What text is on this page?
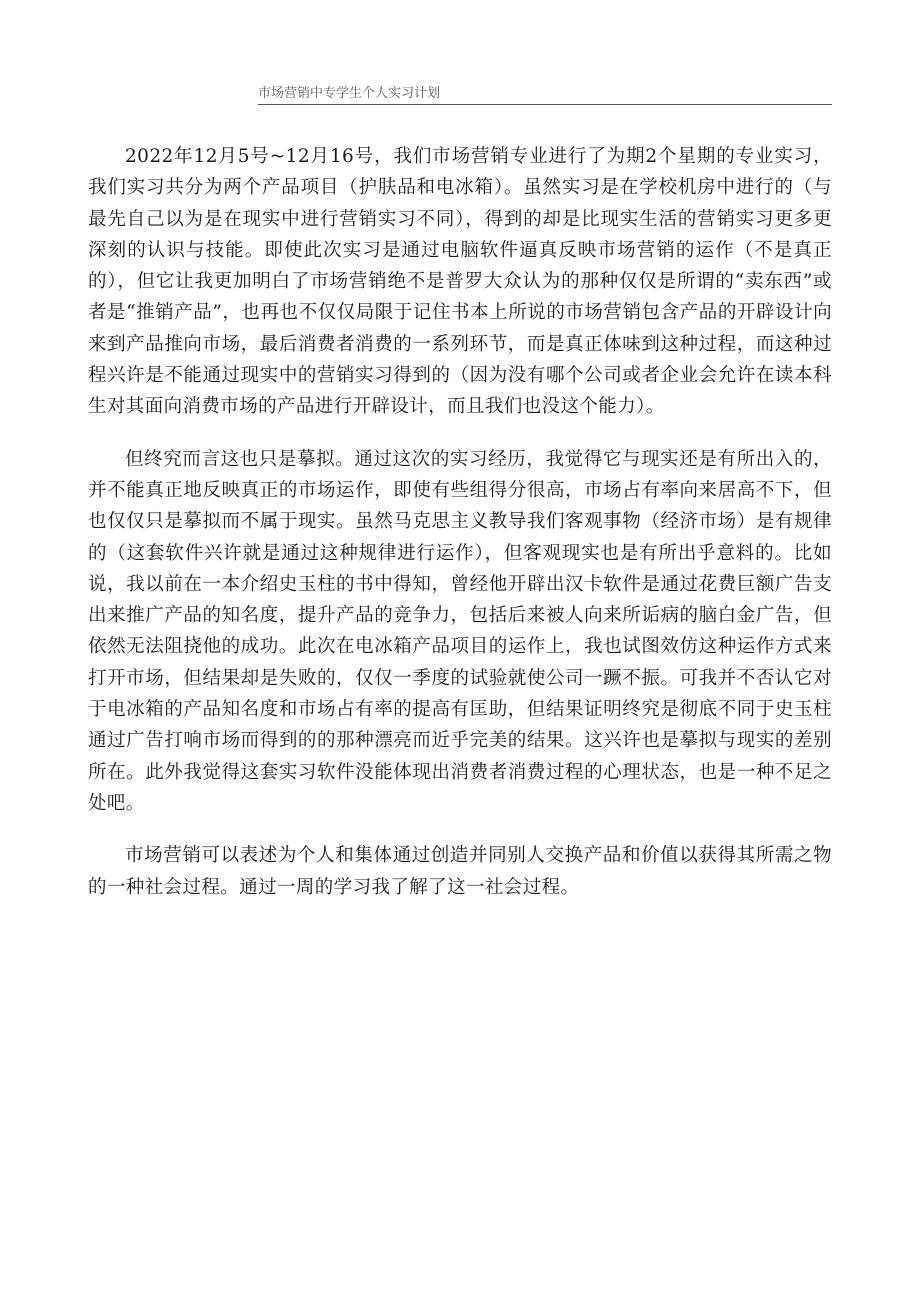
市场营销中专学生个人实习计划

2022年12月5号~12月16号，我们市场营销专业进行了为期2个星期的专业实习，我们实习共分为两个产品项目（护肤品和电冰箱）。虽然实习是在学校机房中进行的（与最先自己以为是在现实中进行营销实习不同），得到的却是比现实生活的营销实习更多更深刻的认识与技能。即使此次实习是通过电脑软件逼真反映市场营销的运作（不是真正的），但它让我更加明白了市场营销绝不是普罗大众认为的那种仅仅是所谓的“卖东西”或者是“推销产品”，也再也不仅仅局限于记住书本上所说的市场营销包含产品的开辟设计向来到产品推向市场，最后消费者消费的一系列环节，而是真正体味到这种过程，而这种过程兴许是不能通过现实中的营销实习得到的（因为没有哪个公司或者企业会允许在读本科生对其面向消费市场的产品进行开辟设计，而且我们也没这个能力）。

但终究而言这也只是摹拟。通过这次的实习经历，我觉得它与现实还是有所出入的，并不能真正地反映真正的市场运作，即使有些组得分很高，市场占有率向来居高不下，但也仅仅只是摹拟而不属于现实。虽然马克思主义教导我们客观事物（经济市场）是有规律的（这套软件兴许就是通过这种规律进行运作），但客观现实也是有所出乎意料的。比如说，我以前在一本介绍史玉柱的书中得知，曾经他开辟出汉卡软件是通过花费巨额广告支出来推广产品的知名度，提升产品的竞争力，包括后来被人向来所诟病的脑白金广告，但依然无法阻挠他的成功。此次在电冰箱产品项目的运作上，我也试图效仿这种运作方式来打开市场，但结果却是失败的，仅仅一季度的试验就使公司一蹶不振。可我并不否认它对于电冰箱的产品知名度和市场占有率的提高有匡助，但结果证明终究是彻底不同于史玉柱通过广告打响市场而得到的的那种漂亮而近乎完美的结果。这兴许也是摹拟与现实的差别所在。此外我觉得这套实习软件没能体现出消费者消费过程的心理状态，也是一种不足之处吧。

市场营销可以表述为个人和集体通过创造并同别人交换产品和价值以获得其所需之物的一种社会过程。通过一周的学习我了解了这一社会过程。
